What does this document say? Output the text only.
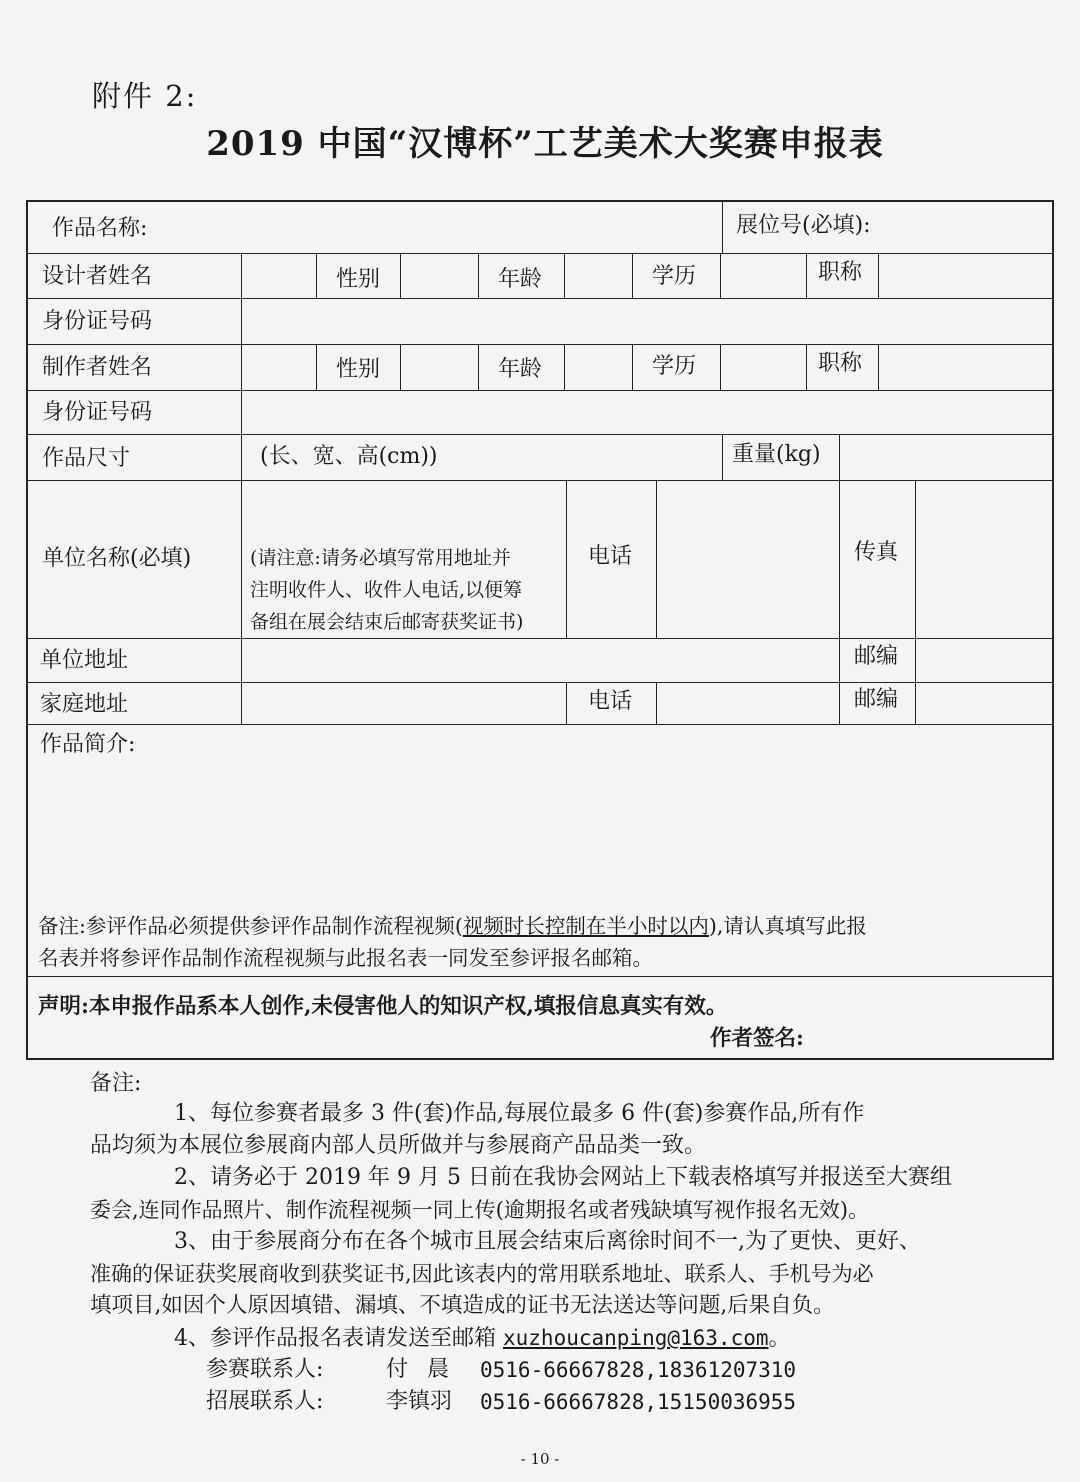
附件 2:
2019 中国“汉博杯”工艺美术大奖赛申报表
作品名称:	展位号(必填):
设计者姓名	性别	年龄	学历	职称
身份证号码
制作者姓名	性别	年龄	学历	职称
身份证号码
作品尺寸	(长、宽、高(cm))	重量(kg)
单位名称(必填)	(请注意:请务必填写常用地址并
注明收件人、收件人电话,以便筹
备组在展会结束后邮寄获奖证书)
电话	传真
单位地址	邮编
家庭地址	电话	邮编
作品简介:
备注:参评作品必须提供参评作品制作流程视频(视频时长控制在半小时以内),请认真填写此报
名表并将参评作品制作流程视频与此报名表一同发至参评报名邮箱。
声明:本申报作品系本人创作,未侵害他人的知识产权,填报信息真实有效。
作者签名:
备注:
1、每位参赛者最多 3 件(套)作品,每展位最多 6 件(套)参赛作品,所有作
品均须为本展位参展商内部人员所做并与参展商产品品类一致。
2、请务必于 2019 年 9 月 5 日前在我协会网站上下载表格填写并报送至大赛组
委会,连同作品照片、制作流程视频一同上传(逾期报名或者残缺填写视作报名无效)。
3、由于参展商分布在各个城市且展会结束后离徐时间不一,为了更快、更好、
准确的保证获奖展商收到获奖证书,因此该表内的常用联系地址、联系人、手机号为必
填项目,如因个人原因填错、漏填、不填造成的证书无法送达等问题,后果自负。
4、参评作品报名表请发送至邮箱 xuzhoucanping@163.com。
参赛联系人:	付 晨 0516-66667828,18361207310
招展联系人:	李镇羽 0516-66667828,15150036955
- 10 -
